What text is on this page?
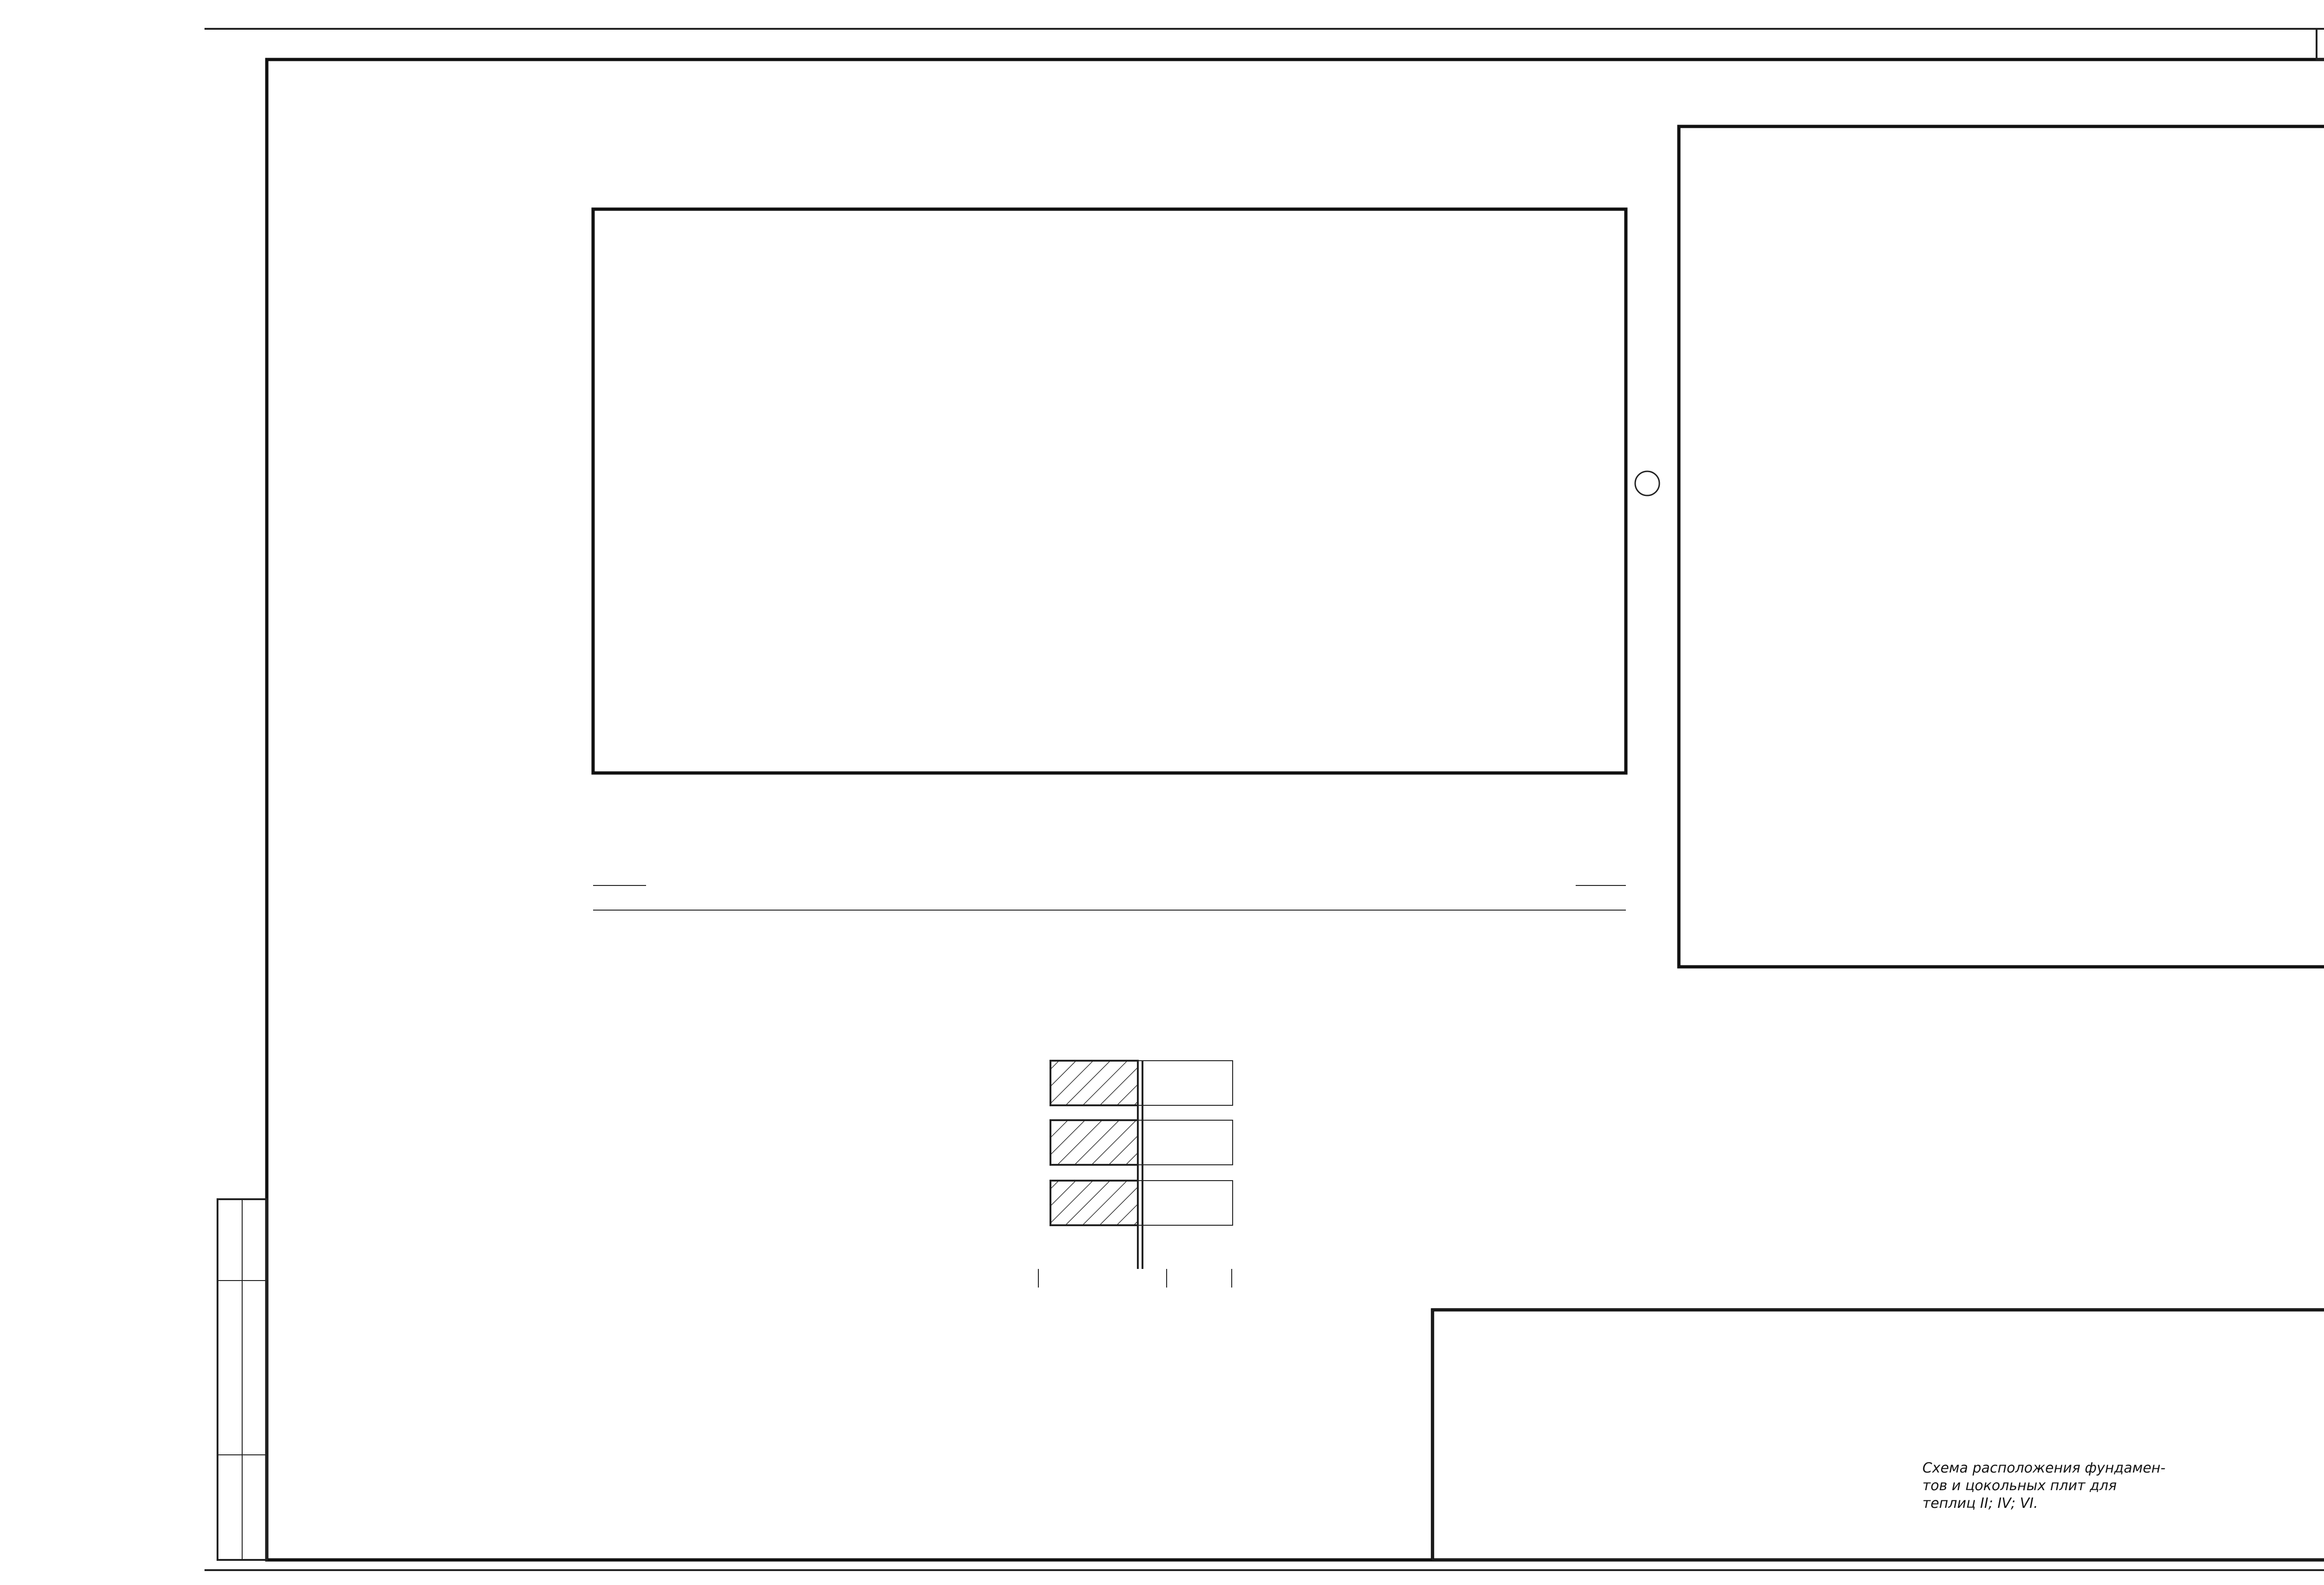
Схема расположения фундамен-
тов и цокольных плит для
теплиц II; IV; VI.
